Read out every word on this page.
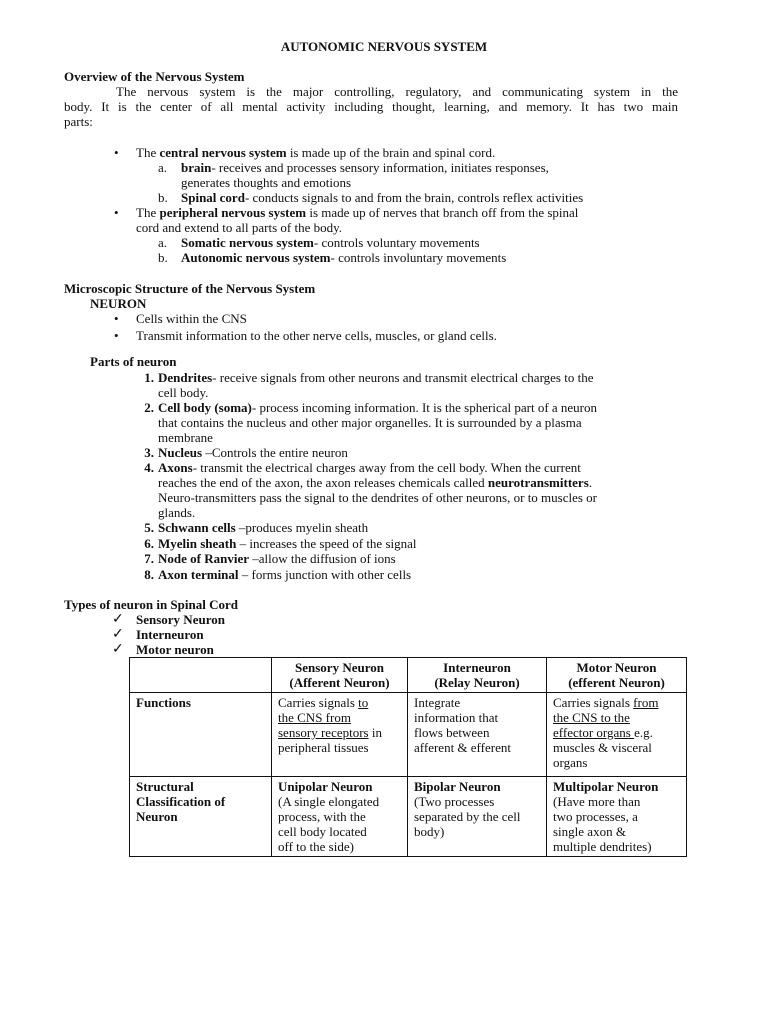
AUTONOMIC NERVOUS SYSTEM
Overview of the Nervous System
The nervous system is the major controlling, regulatory, and communicating system in the
body. It is the center of all mental activity including thought, learning, and memory. It has two main
parts:
• The central nervous system is made up of the brain and spinal cord.
a. brain- receives and processes sensory information, initiates responses,
generates thoughts and emotions
b. Spinal cord- conducts signals to and from the brain, controls reflex activities
• The peripheral nervous system is made up of nerves that branch off from the spinal
cord and extend to all parts of the body.
a. Somatic nervous system- controls voluntary movements
b. Autonomic nervous system- controls involuntary movements
Microscopic Structure of the Nervous System
NEURON
• Cells within the CNS
• Transmit information to the other nerve cells, muscles, or gland cells.
Parts of neuron
1. Dendrites- receive signals from other neurons and transmit electrical charges to the
cell body.
2. Cell body (soma)- process incoming information. It is the spherical part of a neuron
that contains the nucleus and other major organelles. It is surrounded by a plasma
membrane
3. Nucleus –Controls the entire neuron
4. Axons- transmit the electrical charges away from the cell body. When the current
reaches the end of the axon, the axon releases chemicals called neurotransmitters.
Neuro-transmitters pass the signal to the dendrites of other neurons, or to muscles or
glands.
5. Schwann cells –produces myelin sheath
6. Myelin sheath – increases the speed of the signal
7. Node of Ranvier –allow the diffusion of ions
8. Axon terminal – forms junction with other cells
Types of neuron in Spinal Cord
✓ Sensory Neuron
✓ Interneuron
✓ Motor neuron
	Sensory Neuron
(Afferent Neuron)	Interneuron
(Relay Neuron)	Motor Neuron
(efferent Neuron)
Functions	Carries signals to
the CNS from
sensory receptors in
peripheral tissues	Integrate
information that
flows between
afferent & efferent	Carries signals from
the CNS to the
effector organs e.g.
muscles & visceral
organs
Structural
Classification of
Neuron	Unipolar Neuron
(A single elongated
process, with the
cell body located
off to the side)	Bipolar Neuron
(Two processes
separated by the cell
body)	Multipolar Neuron
(Have more than
two processes, a
single axon &
multiple dendrites)
